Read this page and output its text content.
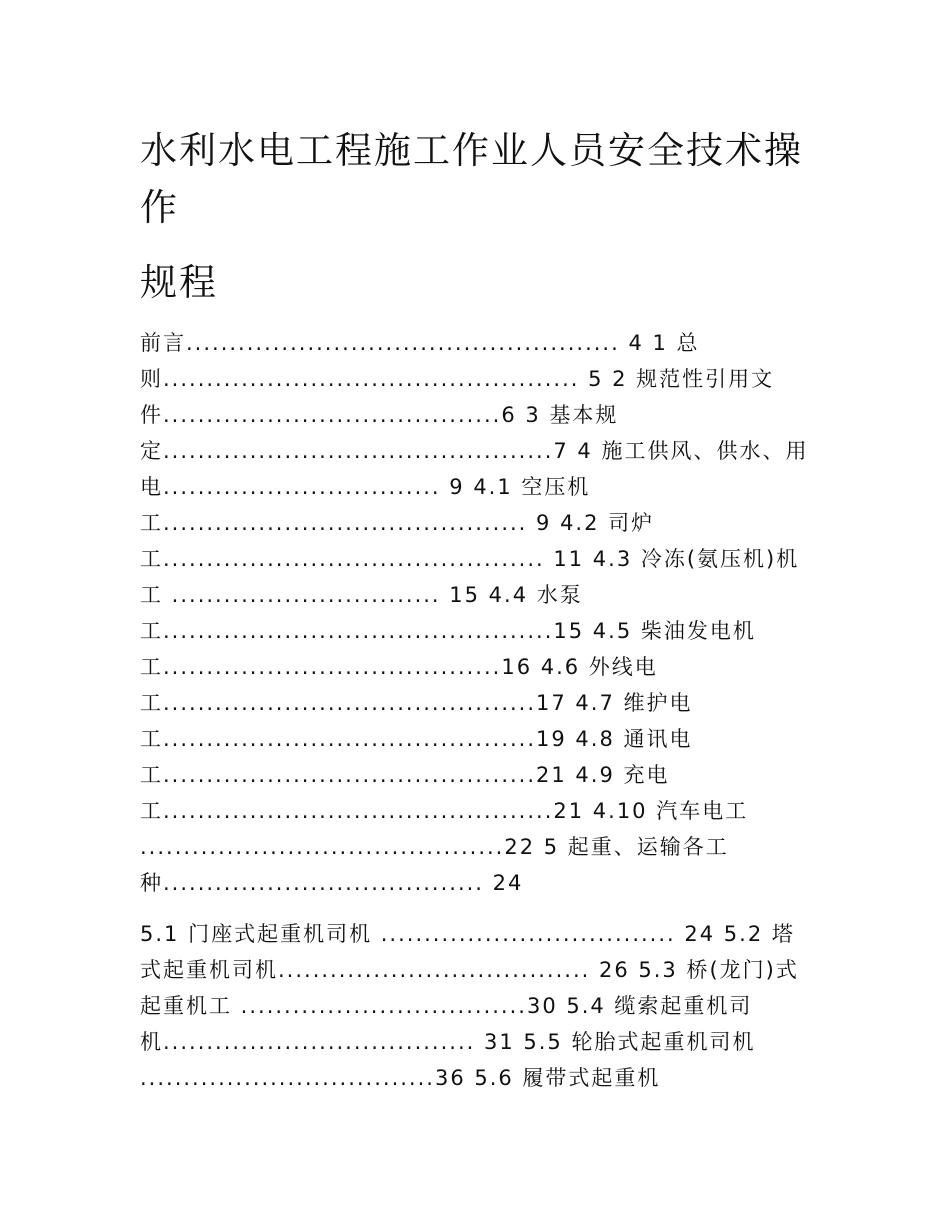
水利水电工程施工作业人员安全技术操
作
规程
前言.................................................. 4 1 总
则................................................ 5 2 规范性引用文
件.......................................6 3 基本规
定.............................................7 4 施工供风、供水、用
电................................ 9 4.1 空压机
工.......................................... 9 4.2 司炉
工............................................ 11 4.3 冷冻(氨压机)机
工 ............................... 15 4.4 水泵
工.............................................15 4.5 柴油发电机
工.......................................16 4.6 外线电
工...........................................17 4.7 维护电
工...........................................19 4.8 通讯电
工...........................................21 4.9 充电
工.............................................21 4.10 汽车电工
..........................................22 5 起重、运输各工
种..................................... 24
5.1 门座式起重机司机 .................................. 24 5.2 塔
式起重机司机.................................... 26 5.3 桥(龙门)式
起重机工 .................................30 5.4 缆索起重机司
机.................................... 31 5.5 轮胎式起重机司机
..................................36 5.6 履带式起重机
